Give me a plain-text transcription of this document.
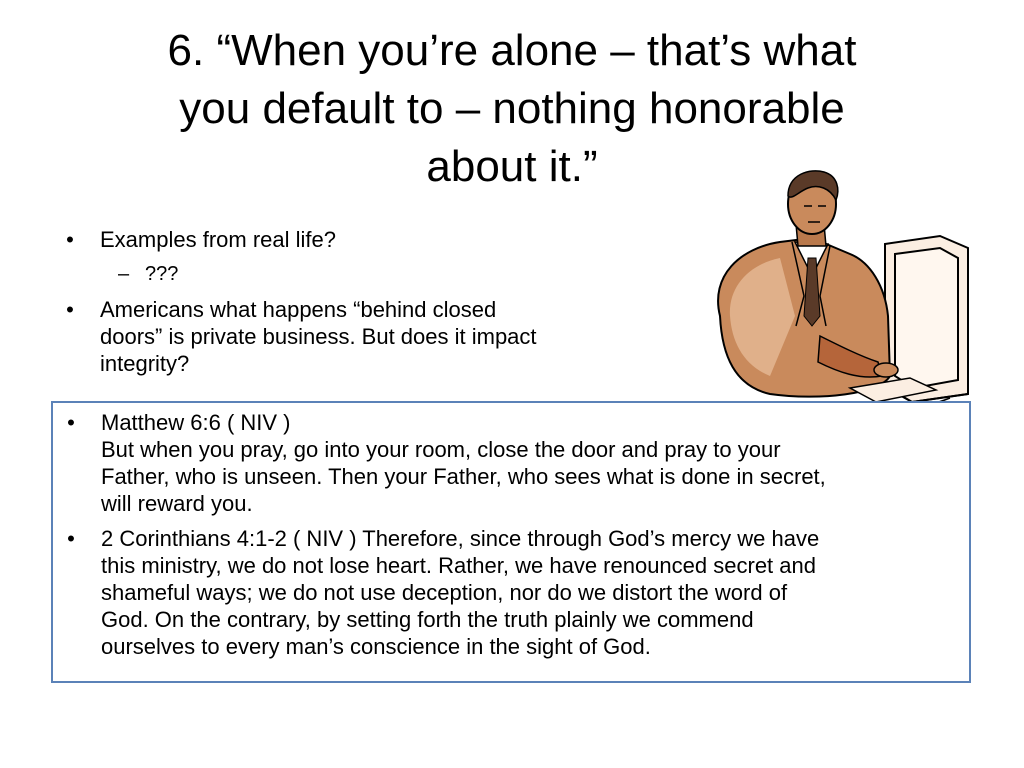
6. “When you’re alone – that’s what
you default to – nothing honorable
about it.”
• Examples from real life?
– ???
• Americans what happens “behind closed
doors” is private business. But does it impact
integrity?
• Matthew 6:6 ( NIV )
But when you pray, go into your room, close the door and pray to your
Father, who is unseen. Then your Father, who sees what is done in secret,
will reward you.
• 2 Corinthians 4:1-2 ( NIV ) Therefore, since through God’s mercy we have
this ministry, we do not lose heart. Rather, we have renounced secret and
shameful ways; we do not use deception, nor do we distort the word of
God. On the contrary, by setting forth the truth plainly we commend
ourselves to every man’s conscience in the sight of God.
